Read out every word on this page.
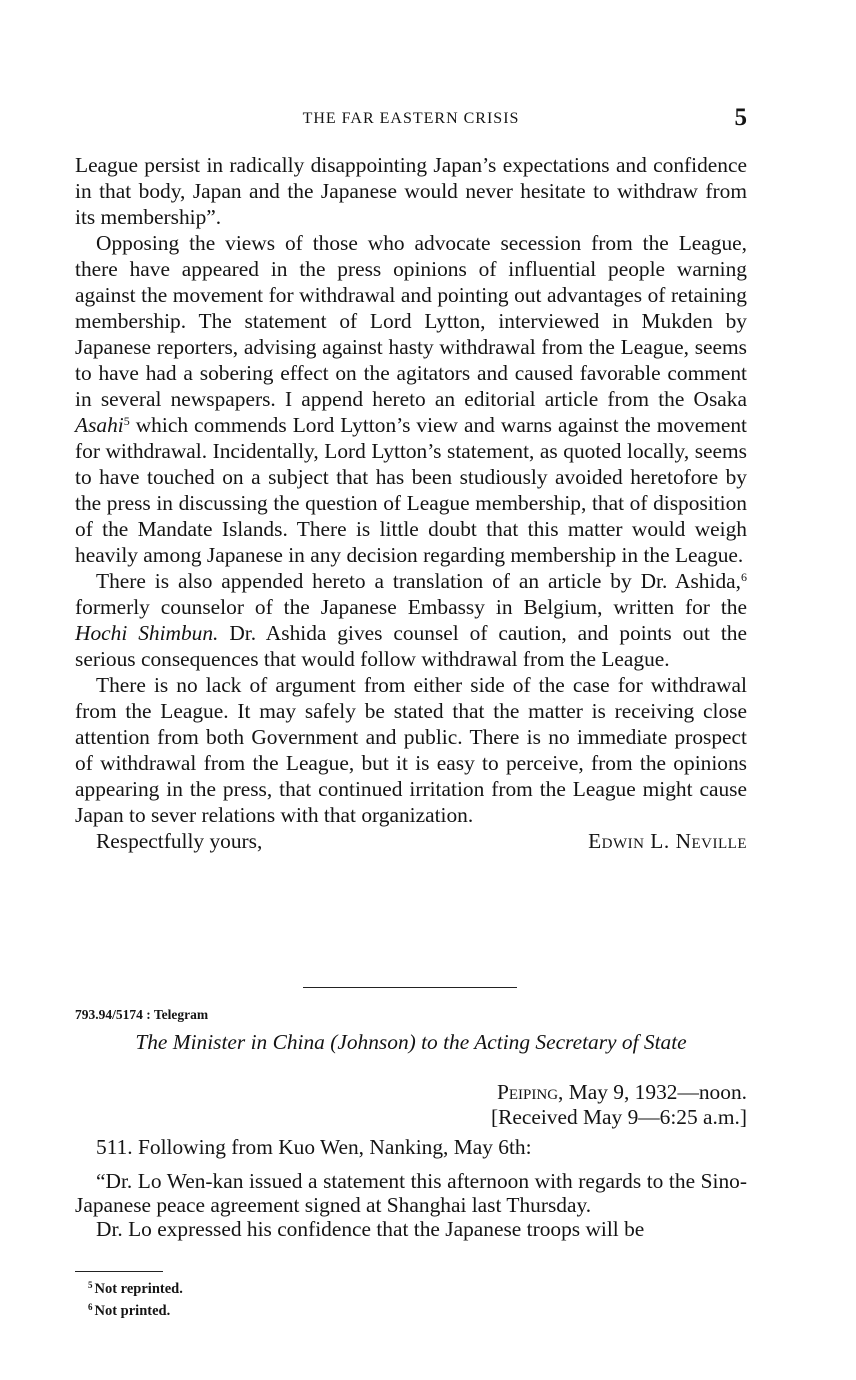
THE FAR EASTERN CRISIS	5

League persist in radically disappointing Japan’s expectations and confidence in that body, Japan and the Japanese would never hesitate to withdraw from its membership”.

Opposing the views of those who advocate secession from the League, there have appeared in the press opinions of influential people warning against the movement for withdrawal and pointing out advantages of retaining membership. The statement of Lord Lytton, interviewed in Mukden by Japanese reporters, advising against hasty withdrawal from the League, seems to have had a sobering effect on the agitators and caused favorable comment in several newspapers. I append hereto an editorial article from the Osaka Asahi$^5$ which commends Lord Lytton’s view and warns against the movement for withdrawal. Incidentally, Lord Lytton’s statement, as quoted locally, seems to have touched on a subject that has been studiously avoided heretofore by the press in discussing the question of League membership, that of disposition of the Mandate Islands. There is little doubt that this matter would weigh heavily among Japanese in any decision regarding membership in the League.

There is also appended hereto a translation of an article by Dr. Ashida,$^6$ formerly counselor of the Japanese Embassy in Belgium, written for the Hochi Shimbun. Dr. Ashida gives counsel of caution, and points out the serious consequences that would follow withdrawal from the League.

There is no lack of argument from either side of the case for withdrawal from the League. It may safely be stated that the matter is receiving close attention from both Government and public. There is no immediate prospect of withdrawal from the League, but it is easy to perceive, from the opinions appearing in the press, that continued irritation from the League might cause Japan to sever relations with that organization.

Respectfully yours,	Edwin L. Neville
793.94/5174 : Telegram
The Minister in China (Johnson) to the Acting Secretary of State
Peiping, May 9, 1932—noon.
[Received May 9—6:25 a.m.]

511. Following from Kuo Wen, Nanking, May 6th:

“Dr. Lo Wen-kan issued a statement this afternoon with regards to the Sino-Japanese peace agreement signed at Shanghai last Thursday.

Dr. Lo expressed his confidence that the Japanese troops will be

$^5$ Not reprinted.
$^6$ Not printed.
